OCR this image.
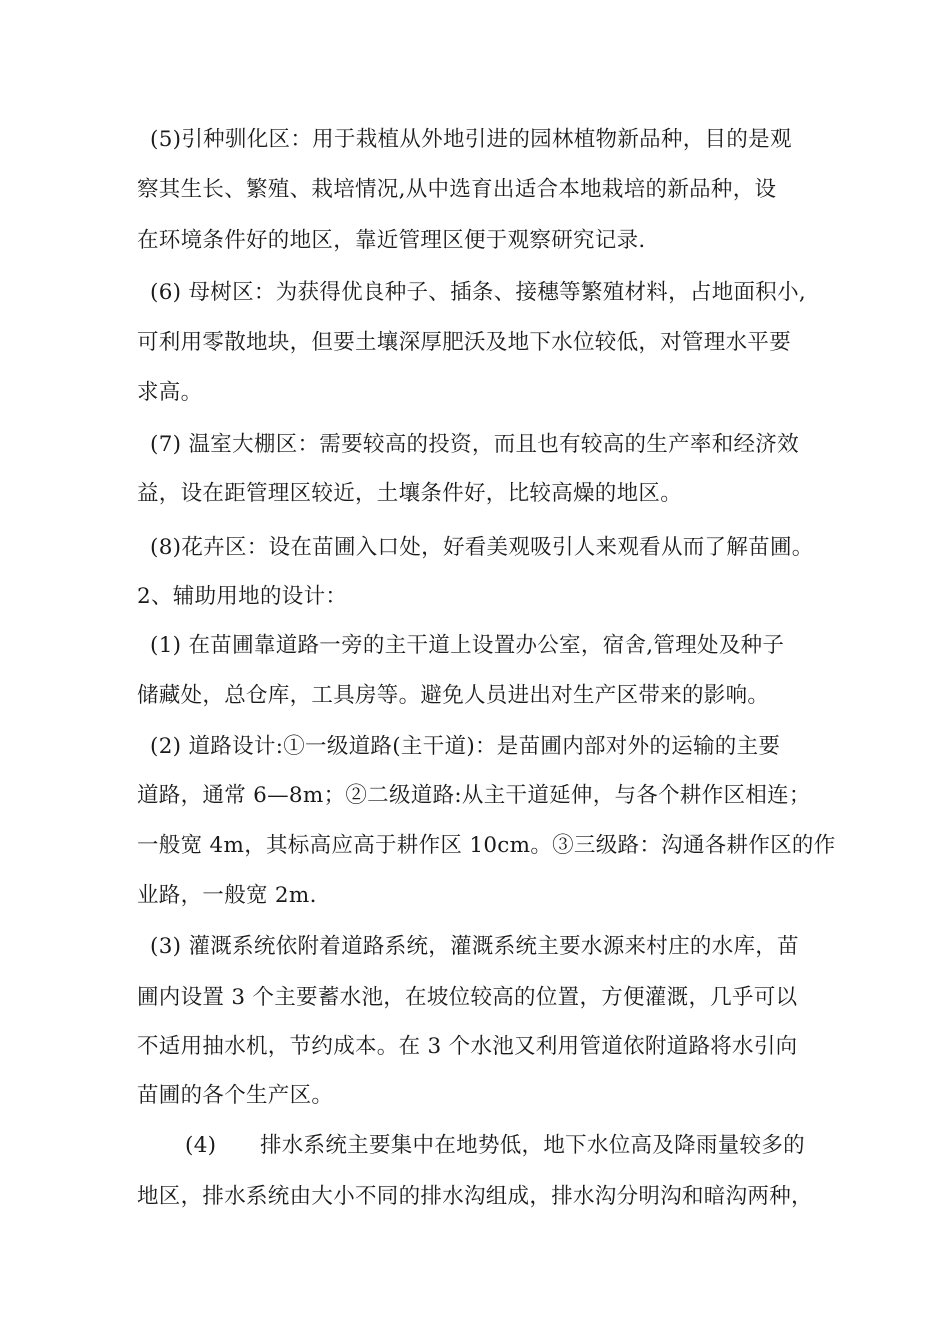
(5)引种驯化区：用于栽植从外地引进的园林植物新品种，目的是观
察其生长、繁殖、栽培情况,从中选育出适合本地栽培的新品种，设
在环境条件好的地区，靠近管理区便于观察研究记录.
(6) 母树区：为获得优良种子、插条、接穗等繁殖材料，占地面积小,
可利用零散地块，但要土壤深厚肥沃及地下水位较低，对管理水平要
求高。
(7) 温室大棚区：需要较高的投资，而且也有较高的生产率和经济效
益，设在距管理区较近，土壤条件好，比较高燥的地区。
(8)花卉区：设在苗圃入口处，好看美观吸引人来观看从而了解苗圃。
2、辅助用地的设计：
(1) 在苗圃靠道路一旁的主干道上设置办公室，宿舍,管理处及种子
储藏处，总仓库，工具房等。避免人员进出对生产区带来的影响。
(2) 道路设计:①一级道路(主干道)：是苗圃内部对外的运输的主要
道路，通常 6—8m；②二级道路:从主干道延伸，与各个耕作区相连；
一般宽 4m，其标高应高于耕作区 10cm。③三级路：沟通各耕作区的作
业路，一般宽 2m.
(3) 灌溉系统依附着道路系统，灌溉系统主要水源来村庄的水库，苗
圃内设置 3 个主要蓄水池，在坡位较高的位置，方便灌溉，几乎可以
不适用抽水机，节约成本。在 3 个水池又利用管道依附道路将水引向
苗圃的各个生产区。
(4)　　排水系统主要集中在地势低，地下水位高及降雨量较多的
地区，排水系统由大小不同的排水沟组成，排水沟分明沟和暗沟两种，
